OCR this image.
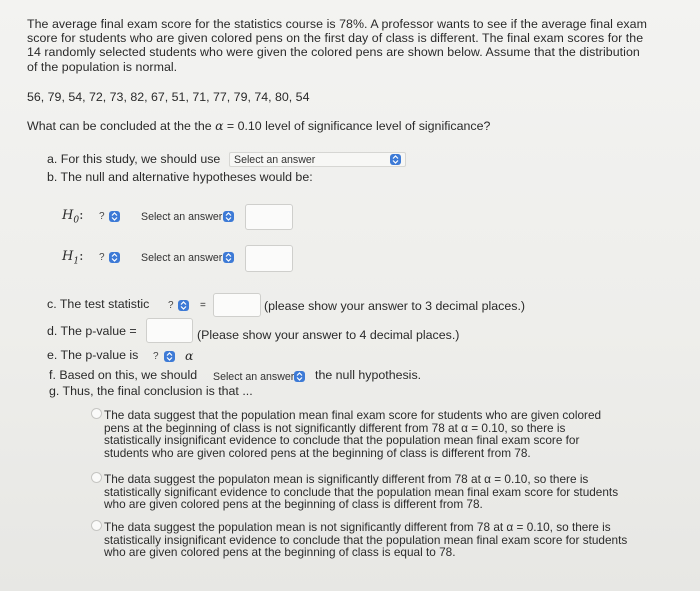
The average final exam score for the statistics course is 78%. A professor wants to see if the average final exam score for students who are given colored pens on the first day of class is different. The final exam scores for the 14 randomly selected students who were given the colored pens are shown below. Assume that the distribution of the population is normal.
56, 79, 54, 72, 73, 82, 67, 51, 71, 77, 79, 74, 80, 54
What can be concluded at the the α = 0.10 level of significance level of significance?
a. For this study, we should use Select an answer
b. The null and alternative hypotheses would be:
$H_0$: ?	Select an answer
$H_1$: ?	Select an answer
c. The test statistic ?	=	(please show your answer to 3 decimal places.)
d. The p-value =	(Please show your answer to 4 decimal places.)
e. The p-value is ? α
f. Based on this, we should Select an answer the null hypothesis.
g. Thus, the final conclusion is that ...
The data suggest that the population mean final exam score for students who are given colored pens at the beginning of class is not significantly different from 78 at α = 0.10, so there is statistically insignificant evidence to conclude that the population mean final exam score for students who are given colored pens at the beginning of class is different from 78.
The data suggest the populaton mean is significantly different from 78 at α = 0.10, so there is statistically significant evidence to conclude that the population mean final exam score for students who are given colored pens at the beginning of class is different from 78.
The data suggest the population mean is not significantly different from 78 at α = 0.10, so there is statistically insignificant evidence to conclude that the population mean final exam score for students who are given colored pens at the beginning of class is equal to 78.
